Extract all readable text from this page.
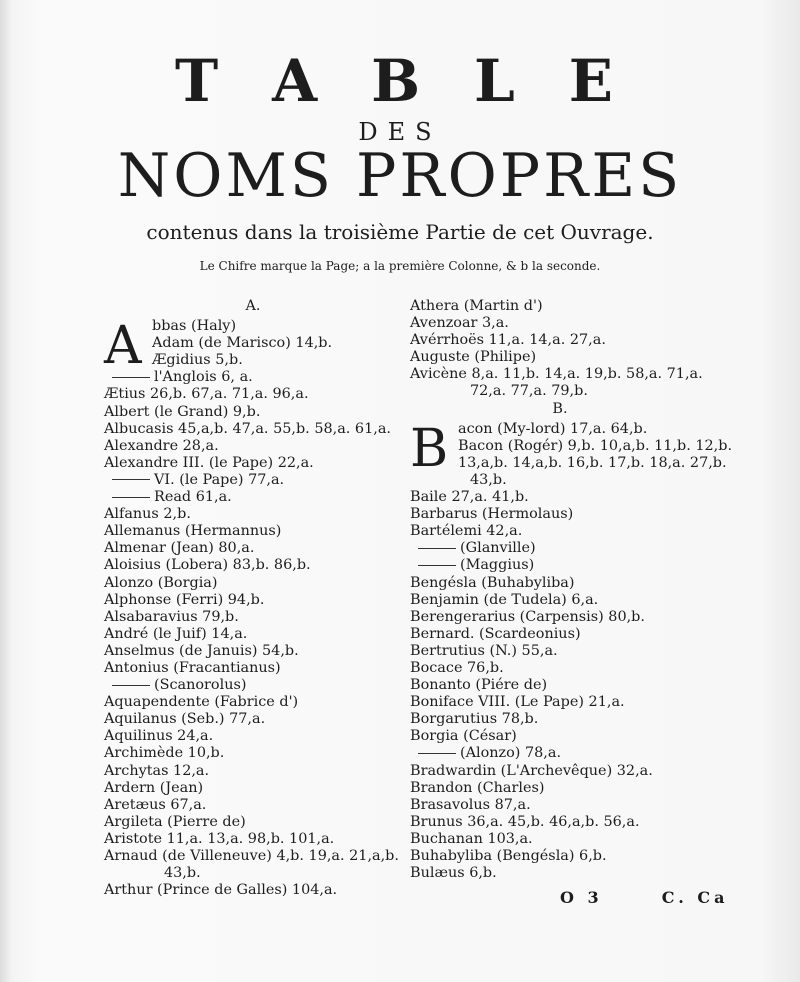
T A B L E
DES
NOMS PROPRES
contenus dans la troisième Partie de cet Ouvrage.
Le Chifre marque la Page; a la première Colonne, & b la seconde.
A.
A bbas (Haly)
Adam (de Marisco) 14,b.
Ægidius 5,b.
l'Anglois 6, a.
Ætius 26,b. 67,a. 71,a. 96,a.
Albert (le Grand) 9,b.
Albucasis 45,a,b. 47,a. 55,b. 58,a. 61,a.
Alexandre 28,a.
Alexandre III. (le Pape) 22,a.
VI. (le Pape) 77,a.
Read 61,a.
Alfanus 2,b.
Allemanus (Hermannus)
Almenar (Jean) 80,a.
Aloisius (Lobera) 83,b. 86,b.
Alonzo (Borgia)
Alphonse (Ferri) 94,b.
Alsabaravius 79,b.
André (le Juif) 14,a.
Anselmus (de Januis) 54,b.
Antonius (Fracantianus)
(Scanorolus)
Aquapendente (Fabrice d')
Aquilanus (Seb.) 77,a.
Aquilinus 24,a.
Archimède 10,b.
Archytas 12,a.
Ardern (Jean)
Aretæus 67,a.
Argileta (Pierre de)
Aristote 11,a. 13,a. 98,b. 101,a.
Arnaud (de Villeneuve) 4,b. 19,a. 21,a,b.
43,b.
Arthur (Prince de Galles) 104,a.
Athera (Martin d')
Avenzoar 3,a.
Avérrhoës 11,a. 14,a. 27,a.
Auguste (Philipe)
Avicène 8,a. 11,b. 14,a. 19,b. 58,a. 71,a.
72,a. 77,a. 79,b.
B.
B acon (My-lord) 17,a. 64,b.
Bacon (Rogér) 9,b. 10,a,b. 11,b. 12,b.
13,a,b. 14,a,b. 16,b. 17,b. 18,a. 27,b.
43,b.
Baile 27,a. 41,b.
Barbarus (Hermolaus)
Bartélemi 42,a.
(Glanville)
(Maggius)
Bengésla (Buhabyliba)
Benjamin (de Tudela) 6,a.
Berengerarius (Carpensis) 80,b.
Bernard. (Scardeonius)
Bertrutius (N.) 55,a.
Bocace 76,b.
Bonanto (Piére de)
Boniface VIII. (Le Pape) 21,a.
Borgarutius 78,b.
Borgia (César)
(Alonzo) 78,a.
Bradwardin (L'Archevêque) 32,a.
Brandon (Charles)
Brasavolus 87,a.
Brunus 36,a. 45,b. 46,a,b. 56,a.
Buchanan 103,a.
Buhabyliba (Bengésla) 6,b.
Bulæus 6,b.
O 3	C. Ca
